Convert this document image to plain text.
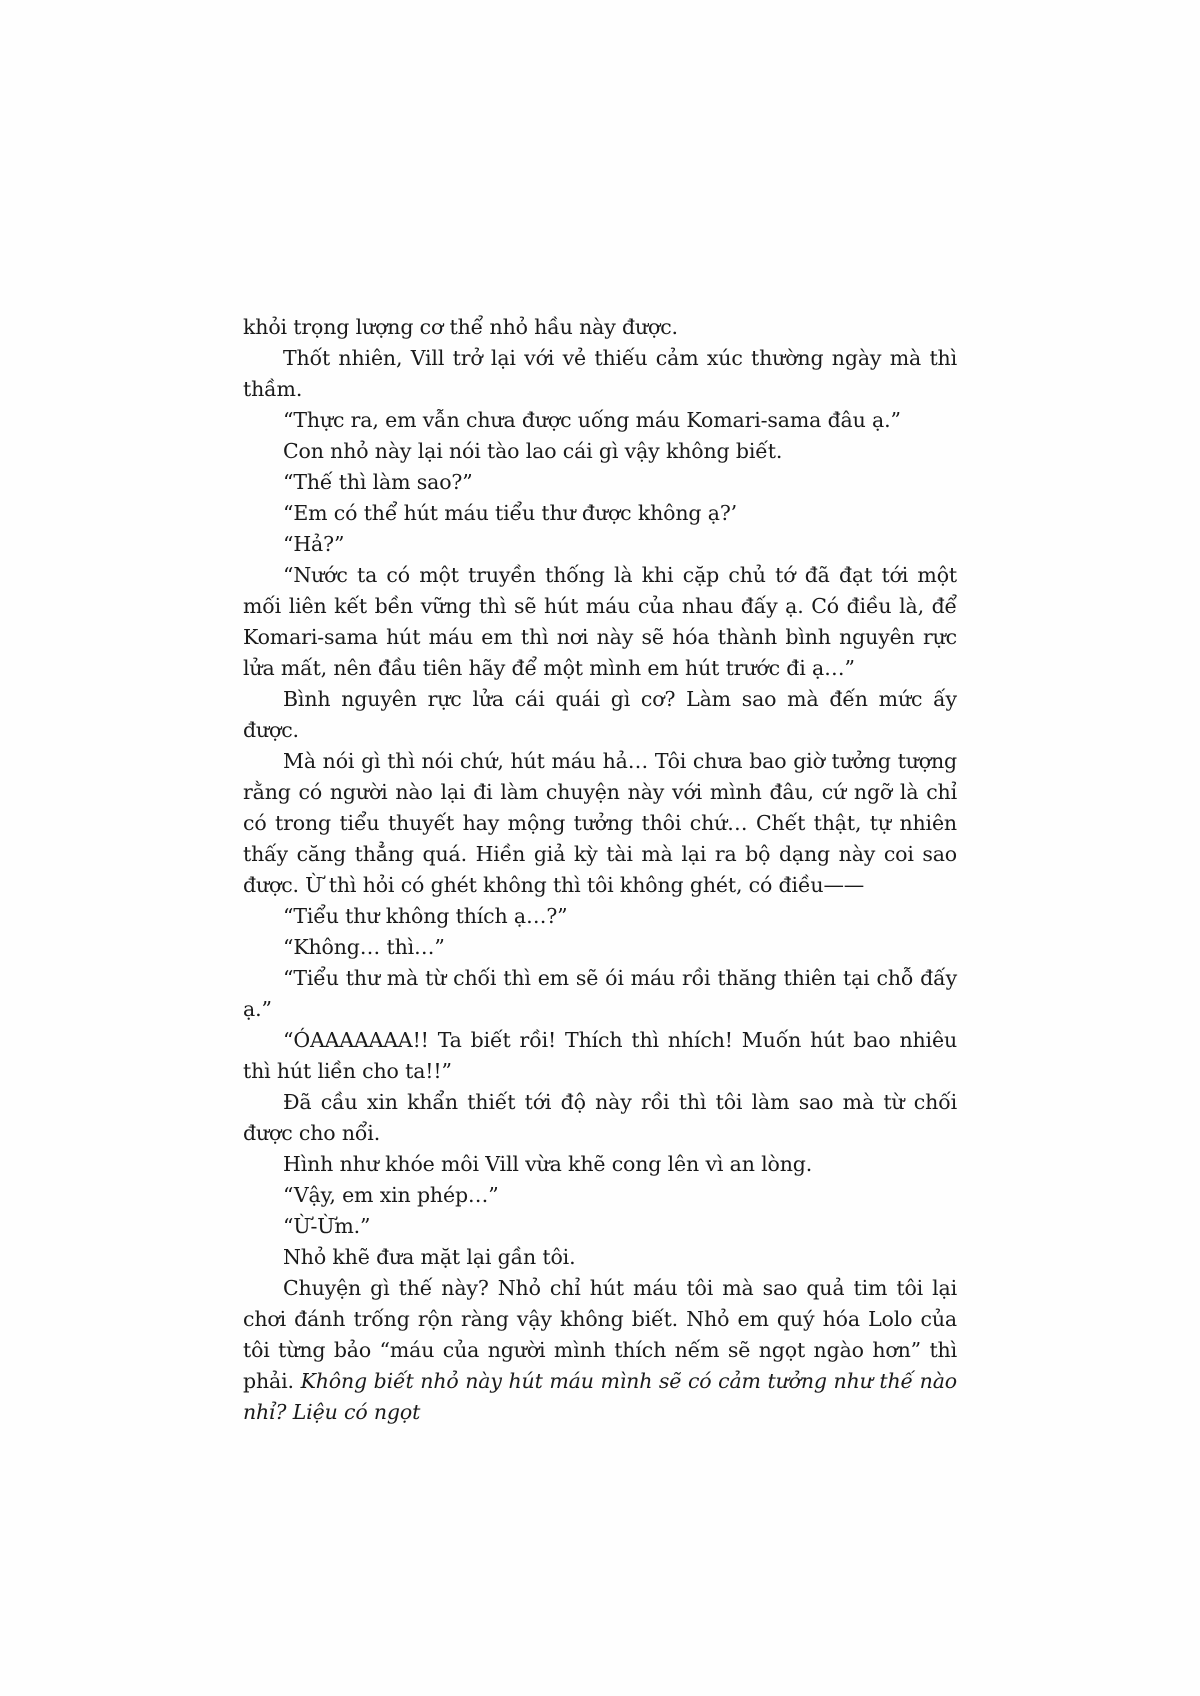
khỏi trọng lượng cơ thể nhỏ hầu này được.

Thốt nhiên, Vill trở lại với vẻ thiếu cảm xúc thường ngày mà thì thầm.

“Thực ra, em vẫn chưa được uống máu Komari-sama đâu ạ.”

Con nhỏ này lại nói tào lao cái gì vậy không biết.

“Thế thì làm sao?”

“Em có thể hút máu tiểu thư được không ạ?’

“Hả?”

“Nước ta có một truyền thống là khi cặp chủ tớ đã đạt tới một mối liên kết bền vững thì sẽ hút máu của nhau đấy ạ. Có điều là, để Komari-sama hút máu em thì nơi này sẽ hóa thành bình nguyên rực lửa mất, nên đầu tiên hãy để một mình em hút trước đi ạ…”

Bình nguyên rực lửa cái quái gì cơ? Làm sao mà đến mức ấy được.

Mà nói gì thì nói chứ, hút máu hả… Tôi chưa bao giờ tưởng tượng rằng có người nào lại đi làm chuyện này với mình đâu, cứ ngỡ là chỉ có trong tiểu thuyết hay mộng tưởng thôi chứ… Chết thật, tự nhiên thấy căng thẳng quá. Hiền giả kỳ tài mà lại ra bộ dạng này coi sao được. Ừ thì hỏi có ghét không thì tôi không ghét, có điều——

“Tiểu thư không thích ạ…?”

“Không… thì…”

“Tiểu thư mà từ chối thì em sẽ ói máu rồi thăng thiên tại chỗ đấy ạ.”

“ÓAAAAAAA!! Ta biết rồi! Thích thì nhích! Muốn hút bao nhiêu thì hút liền cho ta!!”

Đã cầu xin khẩn thiết tới độ này rồi thì tôi làm sao mà từ chối được cho nổi.

Hình như khóe môi Vill vừa khẽ cong lên vì an lòng.

“Vậy, em xin phép…”

“Ừ-Ừm.”

Nhỏ khẽ đưa mặt lại gần tôi.

Chuyện gì thế này? Nhỏ chỉ hút máu tôi mà sao quả tim tôi lại chơi đánh trống rộn ràng vậy không biết. Nhỏ em quý hóa Lolo của tôi từng bảo “máu của người mình thích nếm sẽ ngọt ngào hơn” thì phải. Không biết nhỏ này hút máu mình sẽ có cảm tưởng như thế nào nhỉ? Liệu có ngọt
